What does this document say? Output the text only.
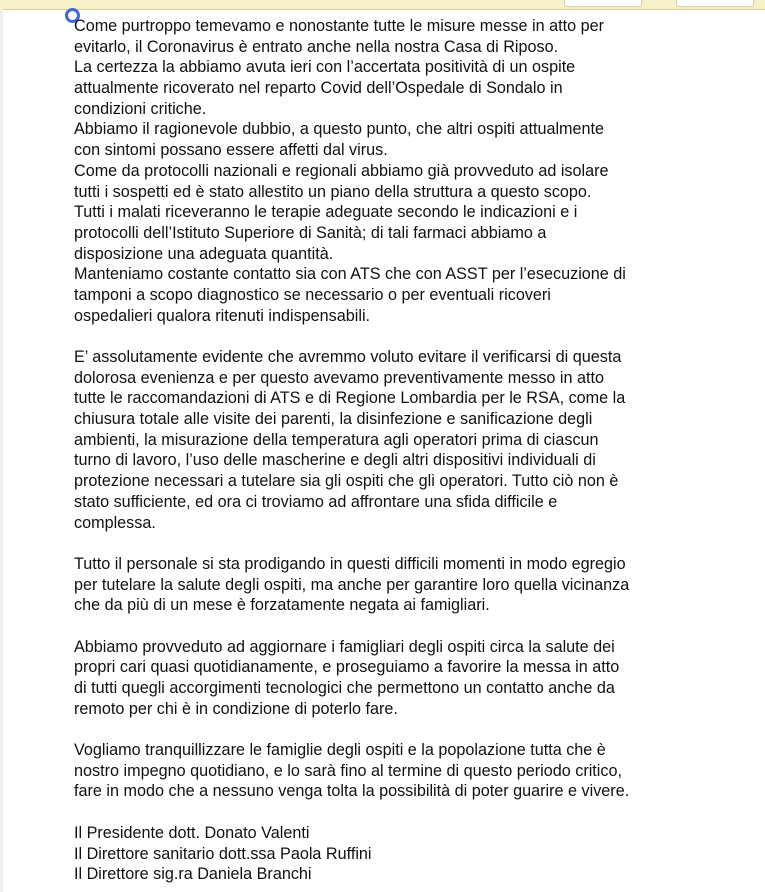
Come purtroppo temevamo e nonostante tutte le misure messe in atto per
evitarlo, il Coronavirus è entrato anche nella nostra Casa di Riposo.
La certezza la abbiamo avuta ieri con l’accertata positività di un ospite
attualmente ricoverato nel reparto Covid dell’Ospedale di Sondalo in
condizioni critiche.
Abbiamo il ragionevole dubbio, a questo punto, che altri ospiti attualmente
con sintomi possano essere affetti dal virus.
Come da protocolli nazionali e regionali abbiamo già provveduto ad isolare
tutti i sospetti ed è stato allestito un piano della struttura a questo scopo.
Tutti i malati riceveranno le terapie adeguate secondo le indicazioni e i
protocolli dell’Istituto Superiore di Sanità; di tali farmaci abbiamo a
disposizione una adeguata quantità.
Manteniamo costante contatto sia con ATS che con ASST per l’esecuzione di
tamponi a scopo diagnostico se necessario o per eventuali ricoveri
ospedalieri qualora ritenuti indispensabili.
E’ assolutamente evidente che avremmo voluto evitare il verificarsi di questa
dolorosa evenienza e per questo avevamo preventivamente messo in atto
tutte le raccomandazioni di ATS e di Regione Lombardia per le RSA, come la
chiusura totale alle visite dei parenti, la disinfezione e sanificazione degli
ambienti, la misurazione della temperatura agli operatori prima di ciascun
turno di lavoro, l’uso delle mascherine e degli altri dispositivi individuali di
protezione necessari a tutelare sia gli ospiti che gli operatori. Tutto ciò non è
stato sufficiente, ed ora ci troviamo ad affrontare una sfida difficile e
complessa.
Tutto il personale si sta prodigando in questi difficili momenti in modo egregio
per tutelare la salute degli ospiti, ma anche per garantire loro quella vicinanza
che da più di un mese è forzatamente negata ai famigliari.
Abbiamo provveduto ad aggiornare i famigliari degli ospiti circa la salute dei
propri cari quasi quotidianamente, e proseguiamo a favorire la messa in atto
di tutti quegli accorgimenti tecnologici che permettono un contatto anche da
remoto per chi è in condizione di poterlo fare.
Vogliamo tranquillizzare le famiglie degli ospiti e la popolazione tutta che è
nostro impegno quotidiano, e lo sarà fino al termine di questo periodo critico,
fare in modo che a nessuno venga tolta la possibilità di poter guarire e vivere.
Il Presidente dott. Donato Valenti
Il Direttore sanitario dott.ssa Paola Ruffini
Il Direttore sig.ra Daniela Branchi
